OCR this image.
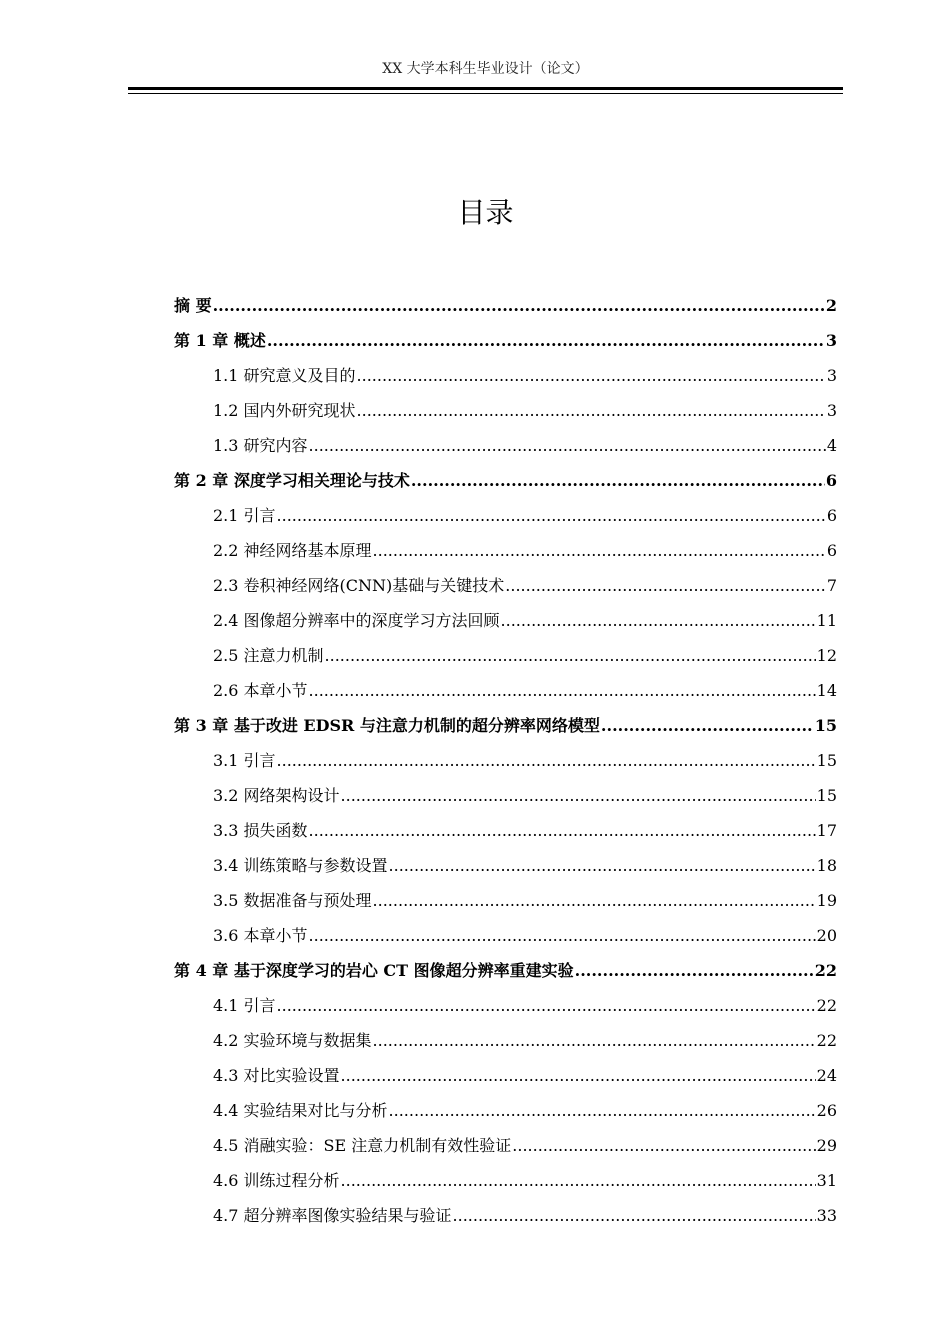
XX 大学本科生毕业设计（论文）
目录
摘 要 .....	2
第 1 章 概述 .....	3
1.1 研究意义及目的 .....	3
1.2 国内外研究现状 .....	3
1.3 研究内容 .....	4
第 2 章 深度学习相关理论与技术 .....	6
2.1 引言 .....	6
2.2 神经网络基本原理 .....	6
2.3 卷积神经网络(CNN)基础与关键技术 .....	7
2.4 图像超分辨率中的深度学习方法回顾 .....	11
2.5 注意力机制 .....	12
2.6 本章小节 .....	14
第 3 章 基于改进 EDSR 与注意力机制的超分辨率网络模型 .....	15
3.1 引言 .....	15
3.2 网络架构设计 .....	15
3.3 损失函数 .....	17
3.4 训练策略与参数设置 .....	18
3.5 数据准备与预处理 .....	19
3.6 本章小节 .....	20
第 4 章 基于深度学习的岩心 CT 图像超分辨率重建实验 .....	22
4.1 引言 .....	22
4.2 实验环境与数据集 .....	22
4.3 对比实验设置 .....	24
4.4 实验结果对比与分析 .....	26
4.5 消融实验：SE 注意力机制有效性验证 .....	29
4.6 训练过程分析 .....	31
4.7 超分辨率图像实验结果与验证 .....	33
